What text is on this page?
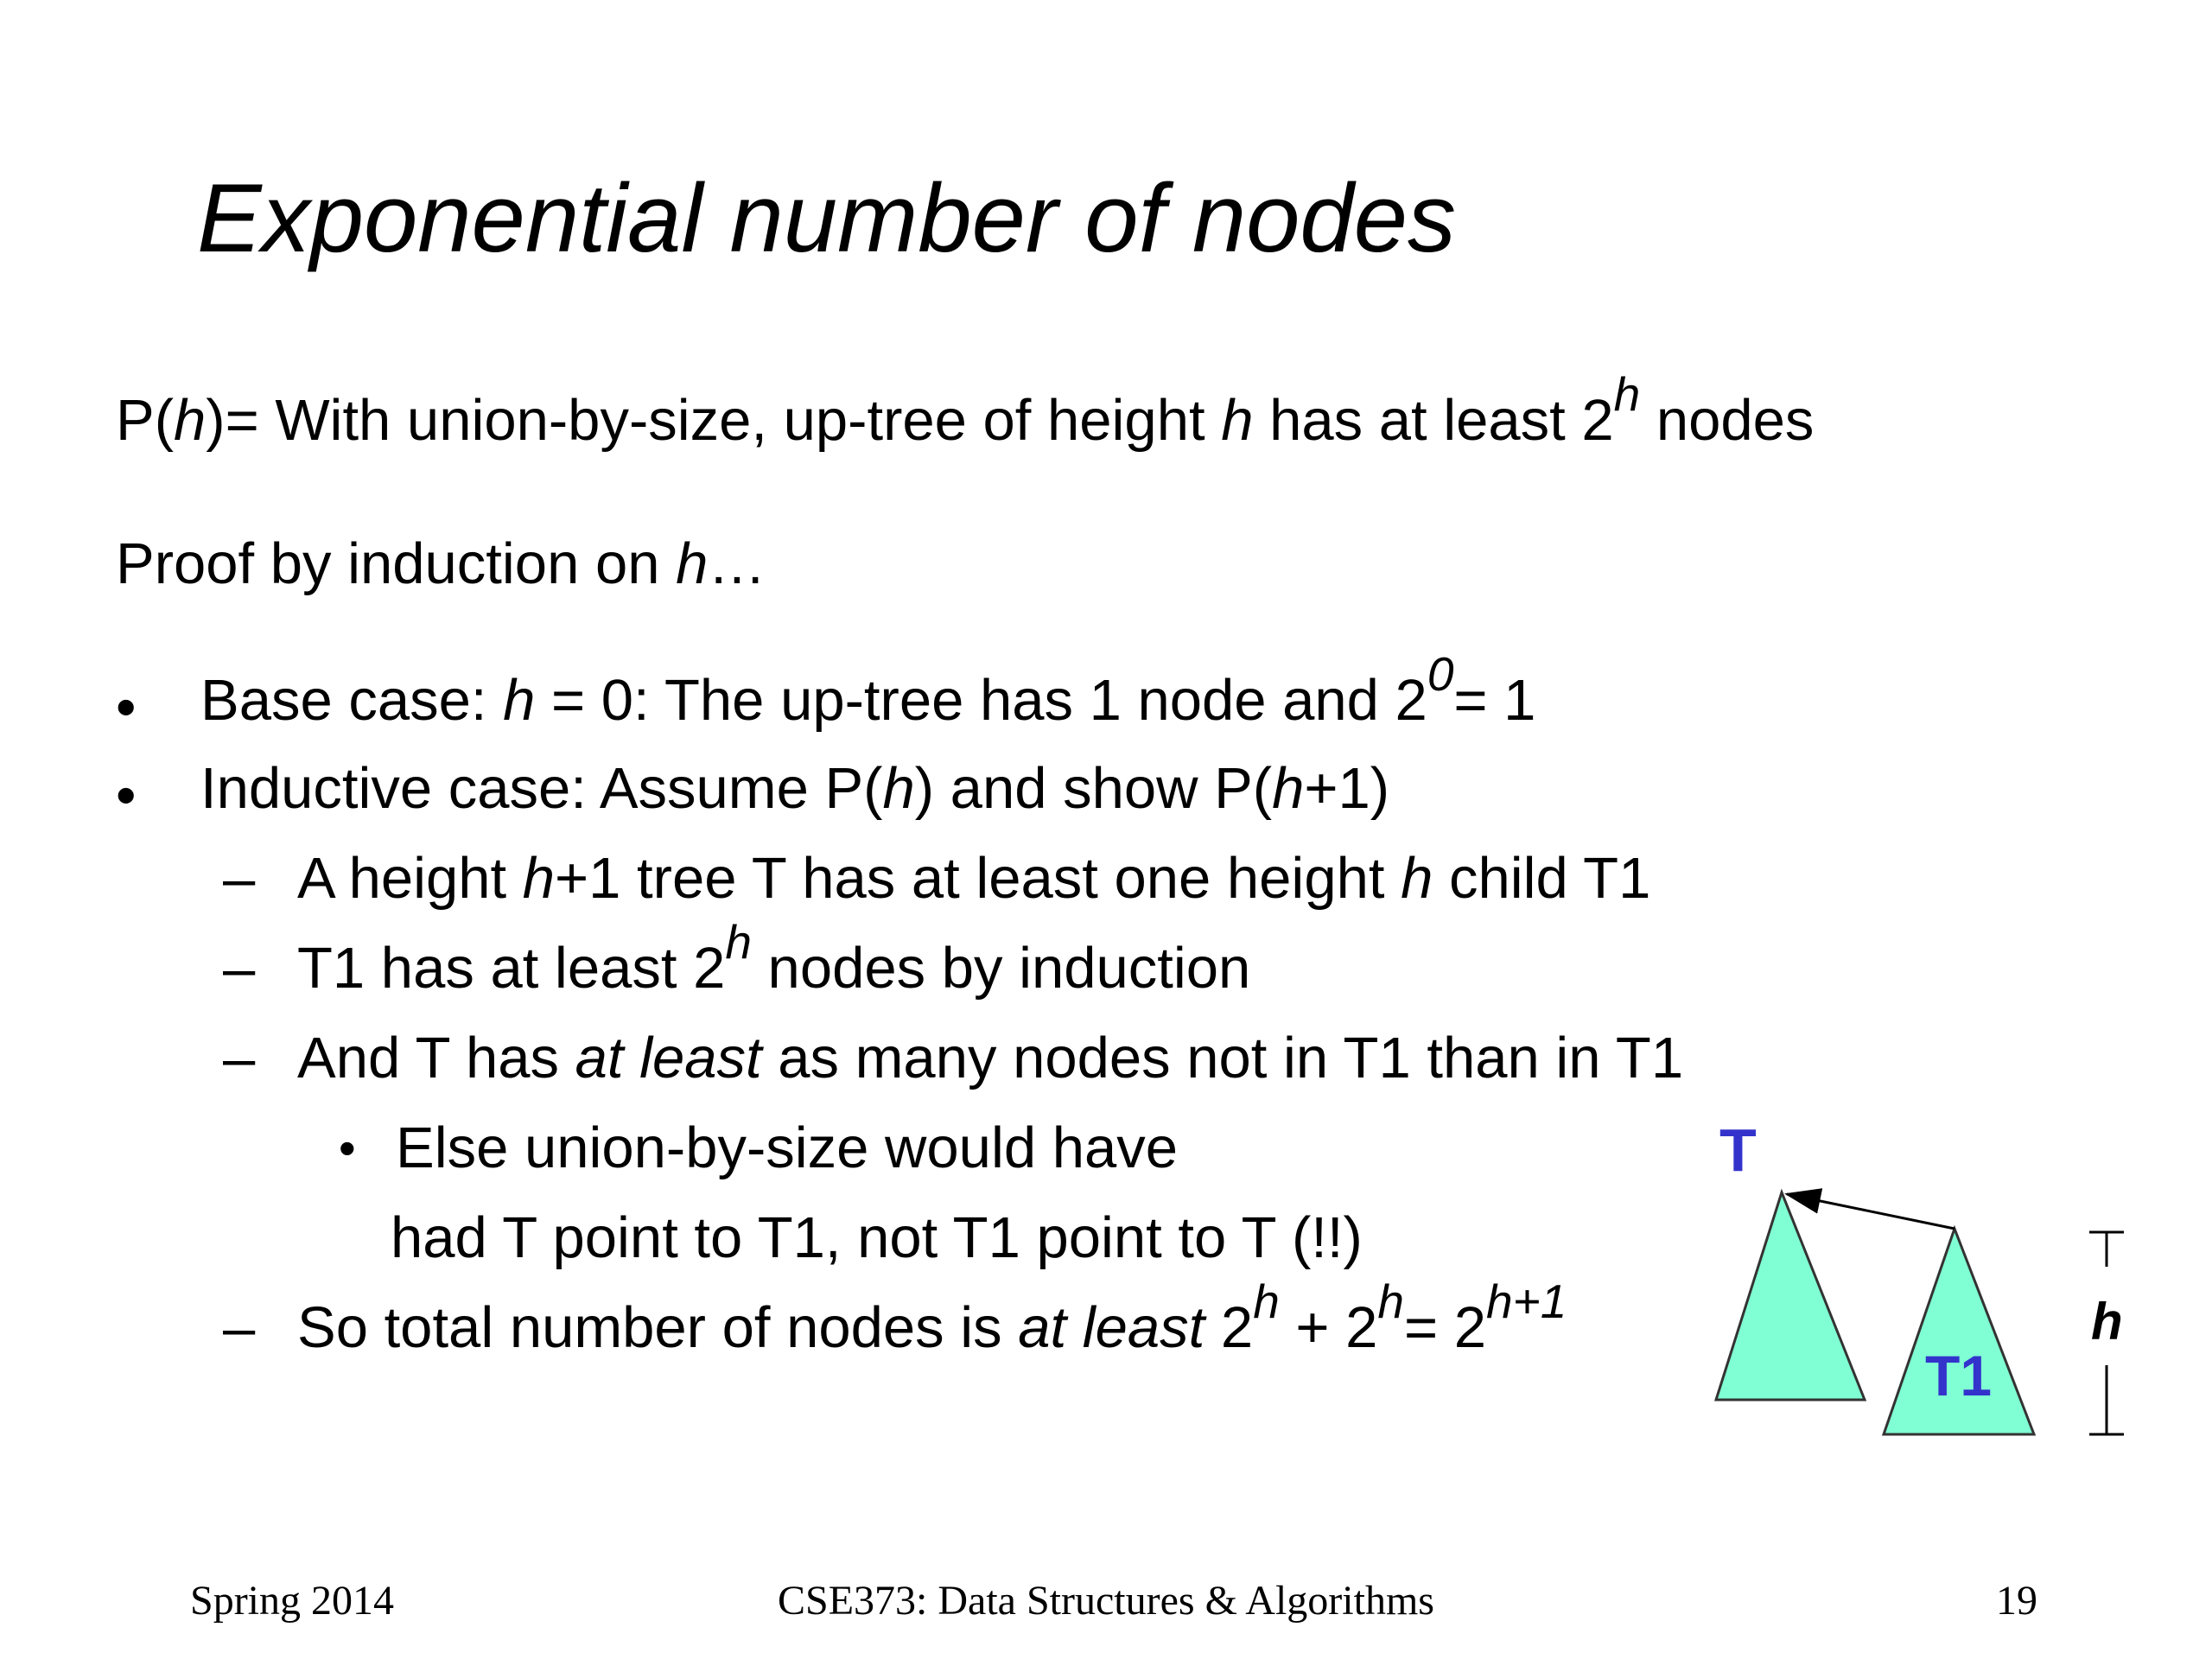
Exponential number of nodes
P(h)= With union-by-size, up-tree of height h has at least 2$^h$ nodes
Proof by induction on h…
• Base case: h = 0: The up-tree has 1 node and $2^0= 1$
• Inductive case: Assume P(h) and show P(h+1)
– A height h+1 tree T has at least one height h child T1
– T1 has at least 2$^h$ nodes by induction
– And T has at least as many nodes not in T1 than in T1
• Else union-by-size would have
had T point to T1, not T1 point to T (!!)
– So total number of nodes is at least $2^h + 2^h= 2^{h+1}$
T
T1
h
Spring 2014	CSE373: Data Structures & Algorithms	19
